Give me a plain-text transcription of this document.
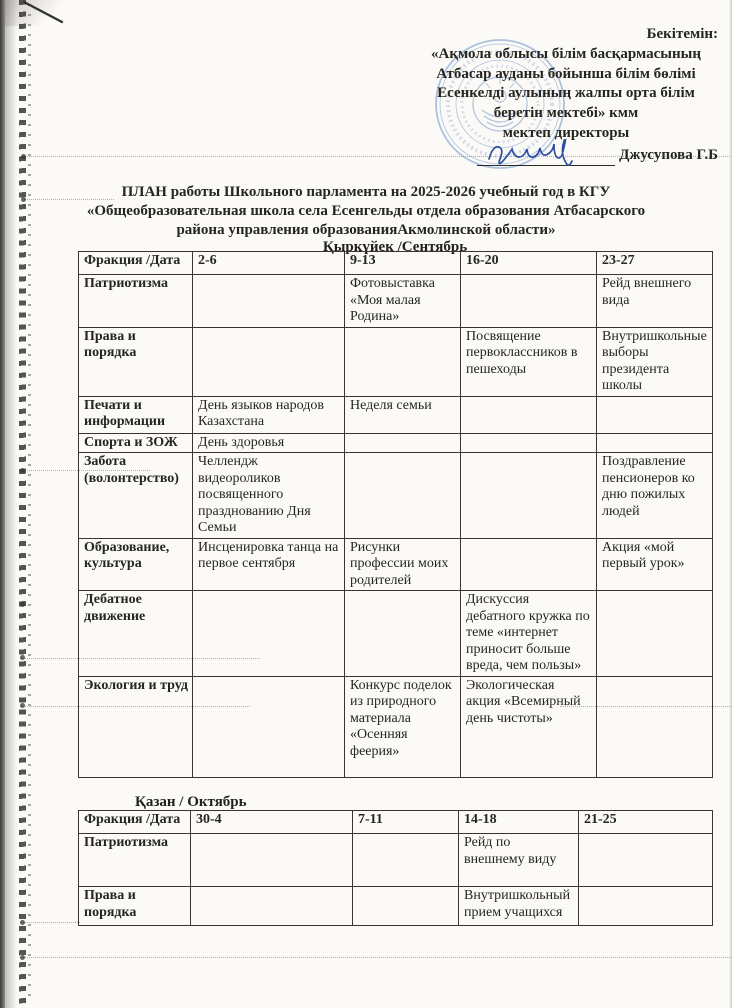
Бекітемін:
«Ақмола облысы білім басқармасының
Атбасар ауданы бойынша білім бөлімі
Есенкелді аулының жалпы орта білім
беретін мектебі» кмм
мектеп директоры
Джусупова Г.Б
ПЛАН работы Школьного парламента на 2025-2026 учебный год в КГУ
«Общеобразовательная школа села Есенгельды отдела образования Атбасарского
района управления образованияАкмолинской области»
Қыркүйек /Сентябрь
Фракция /Дата	2-6	9-13	16-20	23-27
Патриотизма		Фотовыставка «Моя малая Родина»		Рейд внешнего вида
Права и порядка			Посвящение первоклассников в пешеходы	Внутришкольные выборы президента школы
Печати и информации	День языков народов Казахстана	Неделя семьи		
Спорта и ЗОЖ	День здоровья			
Забота (волонтерство)	Челлендж видеороликов посвященного празднованию Дня Семьи			Поздравление пенсионеров ко дню пожилых людей
Образование, культура	Инсценировка танца на первое сентября	Рисунки профессии моих родителей		Акция «мой первый урок»
Дебатное движение			Дискуссия дебатного кружка по теме «интернет приносит больше вреда, чем пользы»	
Экология и труд		Конкурс поделок из природного материала «Осенняя феерия»	Экологическая акция «Всемирный день чистоты»	
Қазан / Октябрь
Фракция /Дата	30-4	7-11	14-18	21-25
Патриотизма			Рейд по внешнему виду	
Права и порядка			Внутришкольный прием учащихся	
